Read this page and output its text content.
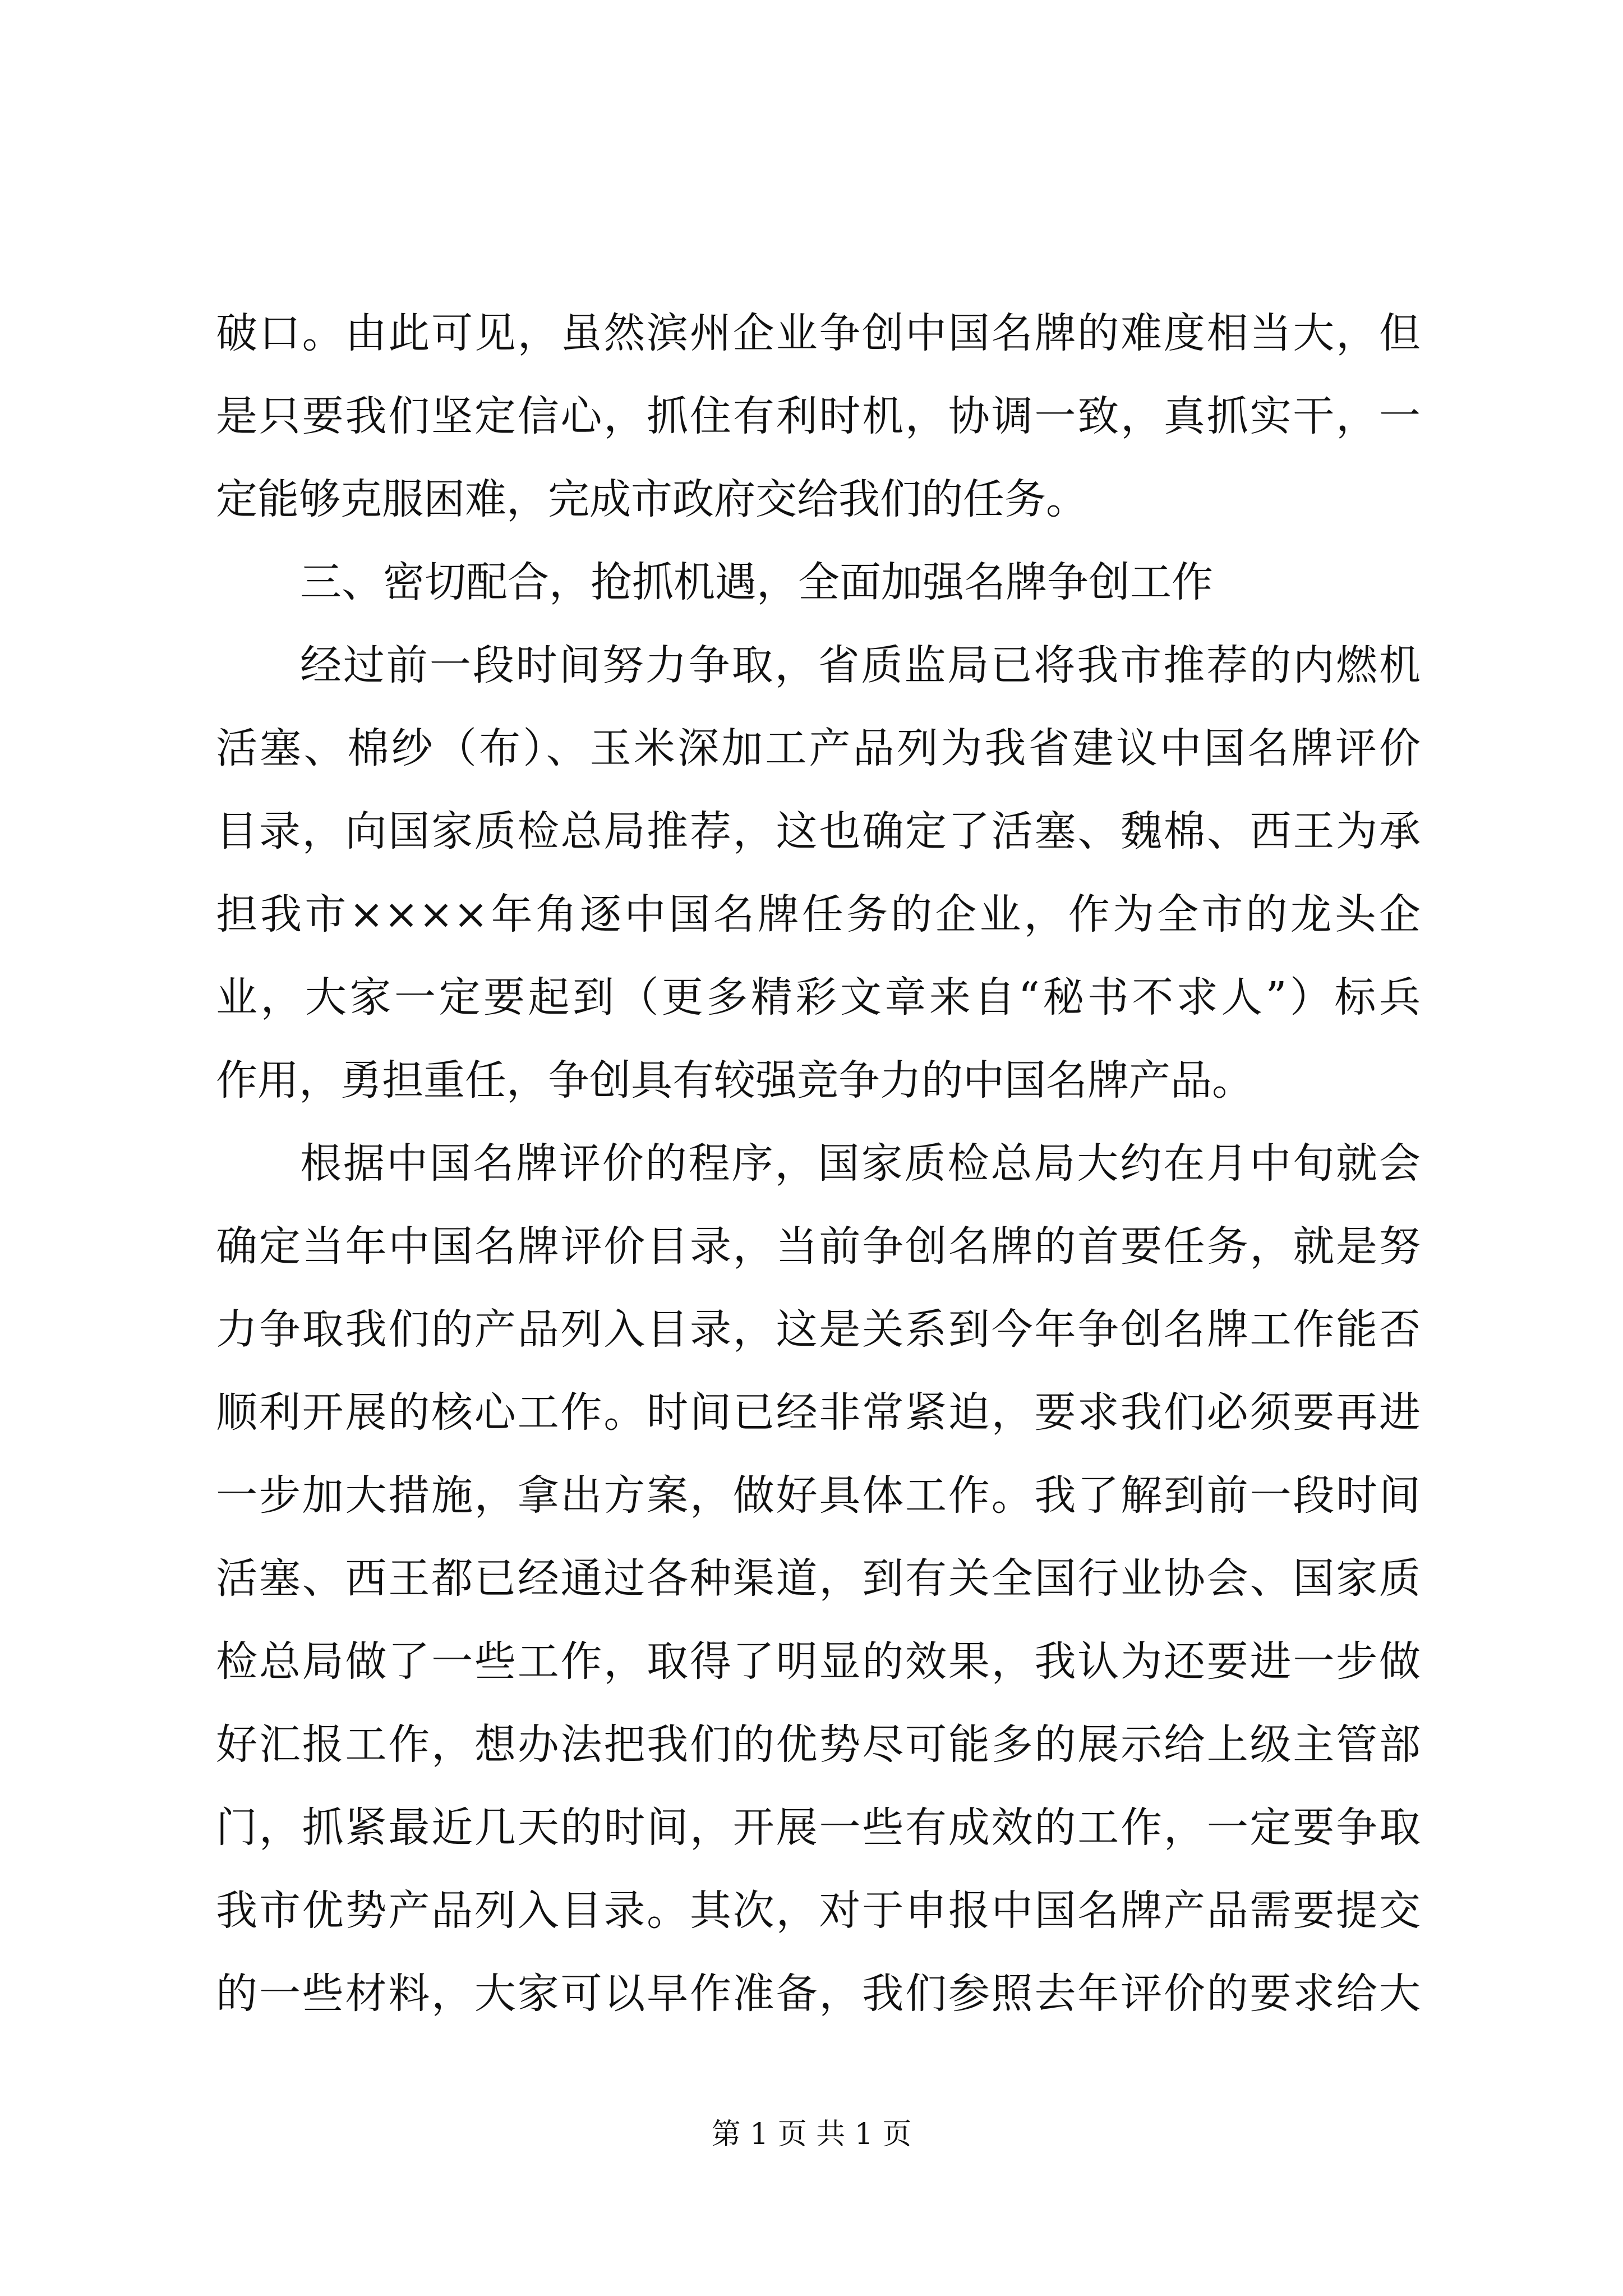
破口。由此可见，虽然滨州企业争创中国名牌的难度相当大，但
是只要我们坚定信心，抓住有利时机，协调一致，真抓实干，一
定能够克服困难，完成市政府交给我们的任务。
三、密切配合，抢抓机遇，全面加强名牌争创工作
经过前一段时间努力争取，省质监局已将我市推荐的内燃机
活塞、棉纱（布）、玉米深加工产品列为我省建议中国名牌评价
目录，向国家质检总局推荐，这也确定了活塞、魏棉、西王为承
担我市××××年角逐中国名牌任务的企业，作为全市的龙头企
业，大家一定要起到（更多精彩文章来自“秘书不求人”）标兵
作用，勇担重任，争创具有较强竞争力的中国名牌产品。
根据中国名牌评价的程序，国家质检总局大约在月中旬就会
确定当年中国名牌评价目录，当前争创名牌的首要任务，就是努
力争取我们的产品列入目录，这是关系到今年争创名牌工作能否
顺利开展的核心工作。时间已经非常紧迫，要求我们必须要再进
一步加大措施，拿出方案，做好具体工作。我了解到前一段时间
活塞、西王都已经通过各种渠道，到有关全国行业协会、国家质
检总局做了一些工作，取得了明显的效果，我认为还要进一步做
好汇报工作，想办法把我们的优势尽可能多的展示给上级主管部
门，抓紧最近几天的时间，开展一些有成效的工作，一定要争取
我市优势产品列入目录。其次，对于申报中国名牌产品需要提交
的一些材料，大家可以早作准备，我们参照去年评价的要求给大
第 1 页 共 1 页
